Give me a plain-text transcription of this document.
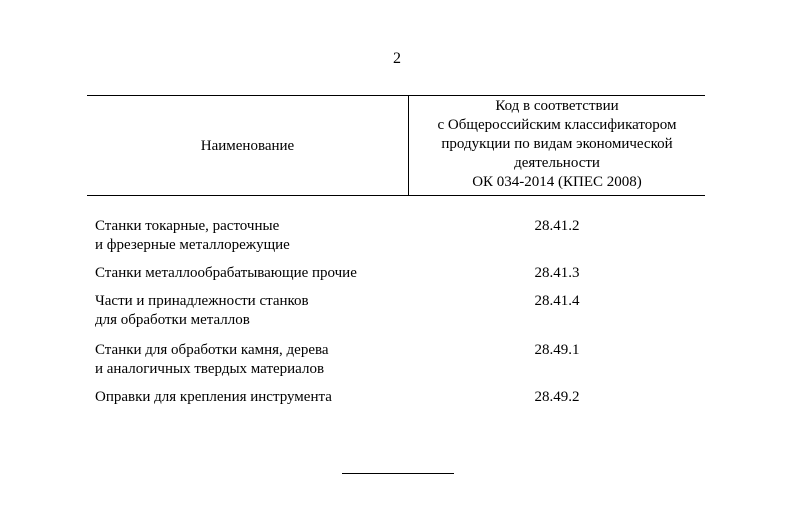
2
Наименование
Код в соответствии
с Общероссийским классификатором
продукции по видам экономической
деятельности
ОК 034-2014 (КПЕС 2008)
Станки токарные, расточные
и фрезерные металлорежущие
28.41.2
Станки металлообрабатывающие прочие	28.41.3
Части и принадлежности станков
для обработки металлов
28.41.4
Станки для обработки камня, дерева
и аналогичных твердых материалов
28.49.1
Оправки для крепления инструмента	28.49.2
